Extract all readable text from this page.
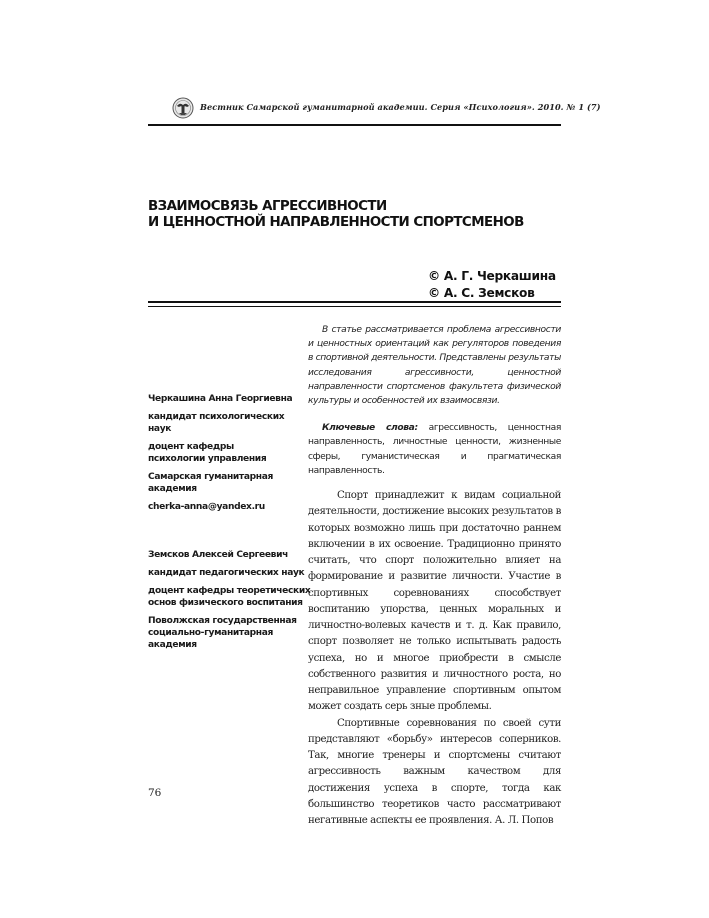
Вестник Самарской гуманитарной академии. Серия «Психология». 2010. № 1 (7)
ВЗАИМОСВЯЗЬ АГРЕССИВНОСТИ
И ЦЕННОСТНОЙ НАПРАВЛЕННОСТИ СПОРТСМЕНОВ
© А. Г. Черкашина
© А. С. Земсков
Черкашина Анна Георгиевна
кандидат психологических
наук
доцент кафедры
психологии управления
Самарская гуманитарная
академия
cherka-anna@yandex.ru
Земсков Алексей Сергеевич
кандидат педагогических наук
доцент кафедры теоретических
основ физического воспитания
Поволжская государственная
социально-гуманитарная
академия

В статье рассматривается проблема агрессивности и ценностных ориентаций как регуляторов поведения в спортивной деятельности. Представлены результаты исследования агрессивности, ценностной направленности спортсменов факультета физической культуры и особенностей их взаимосвязи.

Ключевые слова: агрессивность, ценностная направленность, личностные ценности, жизненные сферы, гуманистическая и прагматическая направленность.

Спорт принадлежит к видам социальной деятельности, достижение высоких результатов в которых возможно лишь при достаточно раннем включении в их освоение. Традиционно принято считать, что спорт положительно влияет на формирование и развитие личности. Участие в спортивных соревнованиях способствует воспитанию упорства, ценных моральных и личностно-волевых качеств и т. д. Как правило, спорт позволяет не только испытывать радость успеха, но и многое приобрести в смысле собственного развития и личностного роста, но неправильное управление спортивным опытом может создать серь зные проблемы.

Спортивные соревнования по своей сути представляют «борьбу» интересов соперников. Так, многие тренеры и спортсмены считают агрессивность важным качеством для достижения успеха в спорте, тогда как большинство теоретиков часто рассматривают негативные аспекты ее проявления. А. Л. Попов

76
